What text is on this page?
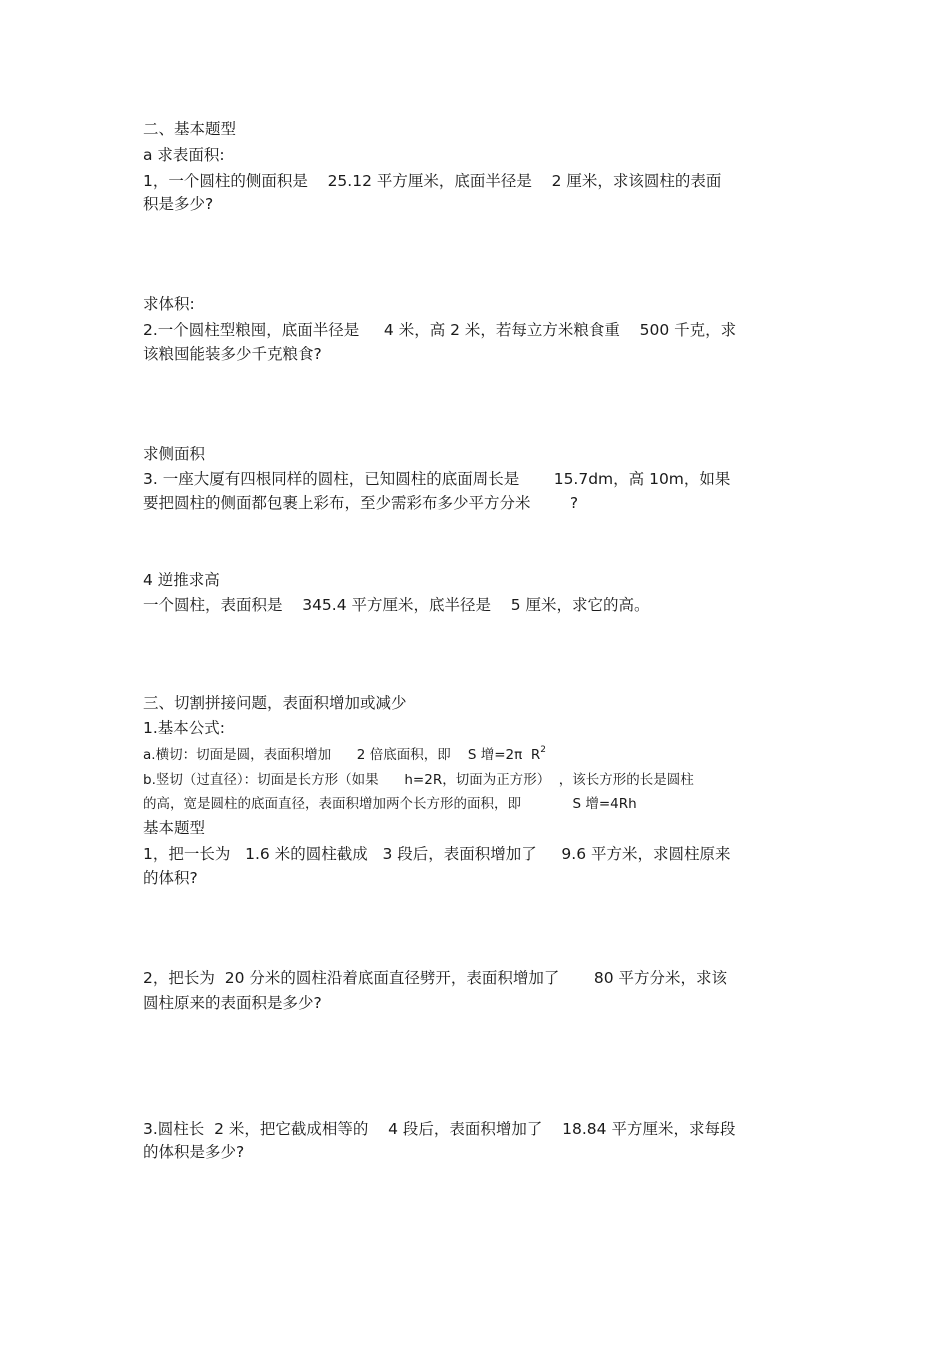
二、基本题型
a 求表面积:
1，一个圆柱的侧面积是    25.12 平方厘米，底面半径是    2 厘米，求该圆柱的表面
积是多少?
求体积:
2.一个圆柱型粮囤，底面半径是     4 米，高 2 米，若每立方米粮食重    500 千克，求
该粮囤能装多少千克粮食?
求侧面积
3. 一座大厦有四根同样的圆柱，已知圆柱的底面周长是       15.7dm，高 10m，如果
要把圆柱的侧面都包裹上彩布，至少需彩布多少平方分米        ?
4 逆推求高
一个圆柱，表面积是    345.4 平方厘米，底半径是    5 厘米，求它的高。
三、切割拼接问题，表面积增加或减少
1.基本公式:
a.横切：切面是圆，表面积增加      2 倍底面积，即    S 增=2π  $R^2$
b.竖切（过直径）：切面是长方形（如果      h=2R，切面为正方形）  ，该长方形的长是圆柱
的高，宽是圆柱的底面直径，表面积增加两个长方形的面积，即            S 增=4Rh
基本题型
1，把一长为   1.6 米的圆柱截成   3 段后，表面积增加了     9.6 平方米，求圆柱原来
的体积?
2，把长为  20 分米的圆柱沿着底面直径劈开，表面积增加了       80 平方分米，求该
圆柱原来的表面积是多少?
3.圆柱长  2 米，把它截成相等的    4 段后，表面积增加了    18.84 平方厘米，求每段
的体积是多少?
